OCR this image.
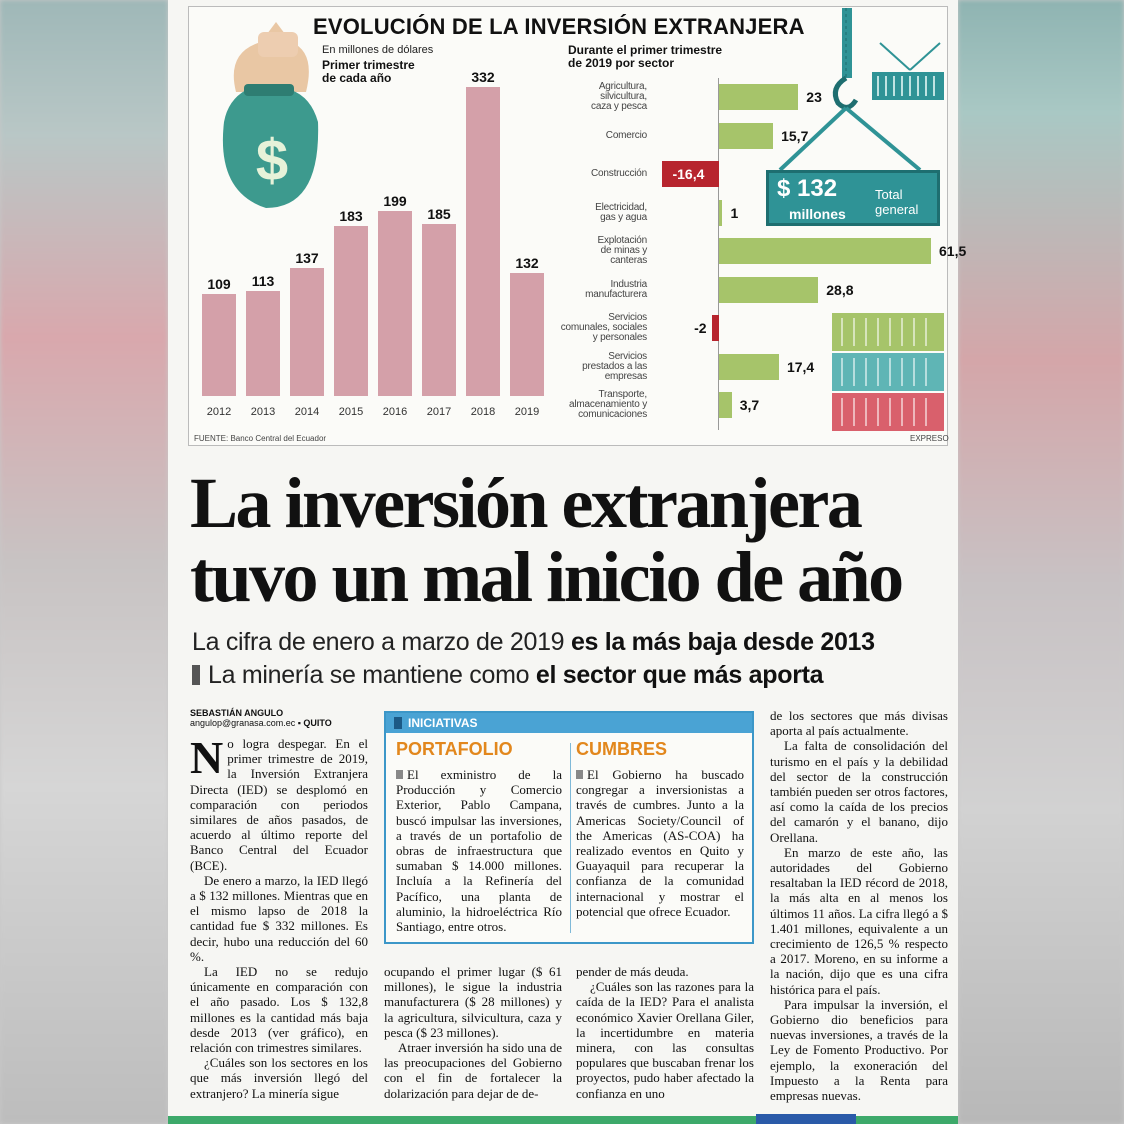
$
EVOLUCIÓN DE LA INVERSIÓN EXTRANJERA
En millones de dólares
Primer trimestre
de cada año
Durante el primer trimestre
de 2019 por sector
109
2012
113
2013
137
2014
183
2015
199
2016
185
2017
332
2018
132
2019
23
Agricultura,
silvicultura,
caza y pesca
15,7
Comercio
-16,4
Construcción
1
Electricidad,
gas y agua
61,5
Explotación
de minas y
canteras
28,8
Industria
manufacturera
-2
Servicios
comunales, sociales
y personales
17,4
Servicios
prestados a las
empresas
3,7
Transporte,
almacenamiento y
comunicaciones
$ 132
millones
Total
general
FUENTE: Banco Central del Ecuador	EXPRESO
La inversión extranjera
tuvo un mal inicio de año
La cifra de enero a marzo de 2019 es la más baja desde 2013
La minería se mantiene como el sector que más aporta
SEBASTIÁN ANGULO
angulop@granasa.com.ec ▪ QUITO
No logra despegar. En el primer trimestre de 2019, la Inversión Extranjera Directa (IED) se desplomó en comparación con periodos similares de años pasados, de acuerdo al último reporte del Banco Central del Ecuador (BCE).

De enero a marzo, la IED llegó a $ 132 millones. Mientras que en el mismo lapso de 2018 la cantidad fue $ 332 millones. Es decir, hubo una reducción del 60 %.

La IED no se redujo únicamente en comparación con el año pasado. Los $ 132,8 millones es la cantidad más baja desde 2013 (ver gráfico), en relación con trimestres similares.

¿Cuáles son los sectores en los que más inversión llegó del extranjero? La minería sigue

INICIATIVAS
PORTAFOLIO	CUMBRES
El exministro de la Producción y Comercio Exterior, Pablo Campana, buscó impulsar las inversiones, a través de un portafolio de obras de infraestructura que sumaban $ 14.000 millones. Incluía a la Refinería del Pacífico, una planta de aluminio, la hidroeléctrica Río Santiago, entre otros.
El Gobierno ha buscado congregar a inversionistas a través de cumbres. Junto a la Americas Society/Council of the Americas (AS-COA) ha realizado eventos en Quito y Guayaquil para recuperar la confianza de la comunidad internacional y mostrar el potencial que ofrece Ecuador.
ocupando el primer lugar ($ 61 millones), le sigue la industria manufacturera ($ 28 millones) y la agricultura, silvicultura, caza y pesca ($ 23 millones).

Atraer inversión ha sido una de las preocupaciones del Gobierno con el fin de fortalecer la dolarización para dejar de de-

pender de más deuda.

¿Cuáles son las razones para la caída de la IED? Para el analista económico Xavier Orellana Giler, la incertidumbre en materia minera, con las consultas populares que buscaban frenar los proyectos, pudo haber afectado la confianza en uno

de los sectores que más divisas aporta al país actualmente.

La falta de consolidación del turismo en el país y la debilidad del sector de la construcción también pueden ser otros factores, así como la caída de los precios del camarón y el banano, dijo Orellana.

En marzo de este año, las autoridades del Gobierno resaltaban la IED récord de 2018, la más alta en al menos los últimos 11 años. La cifra llegó a $ 1.401 millones, equivalente a un crecimiento de 126,5 % respecto a 2017. Moreno, en su informe a la nación, dijo que es una cifra histórica para el país.

Para impulsar la inversión, el Gobierno dio beneficios para nuevas inversiones, a través de la Ley de Fomento Productivo. Por ejemplo, la exoneración del Impuesto a la Renta para empresas nuevas.
